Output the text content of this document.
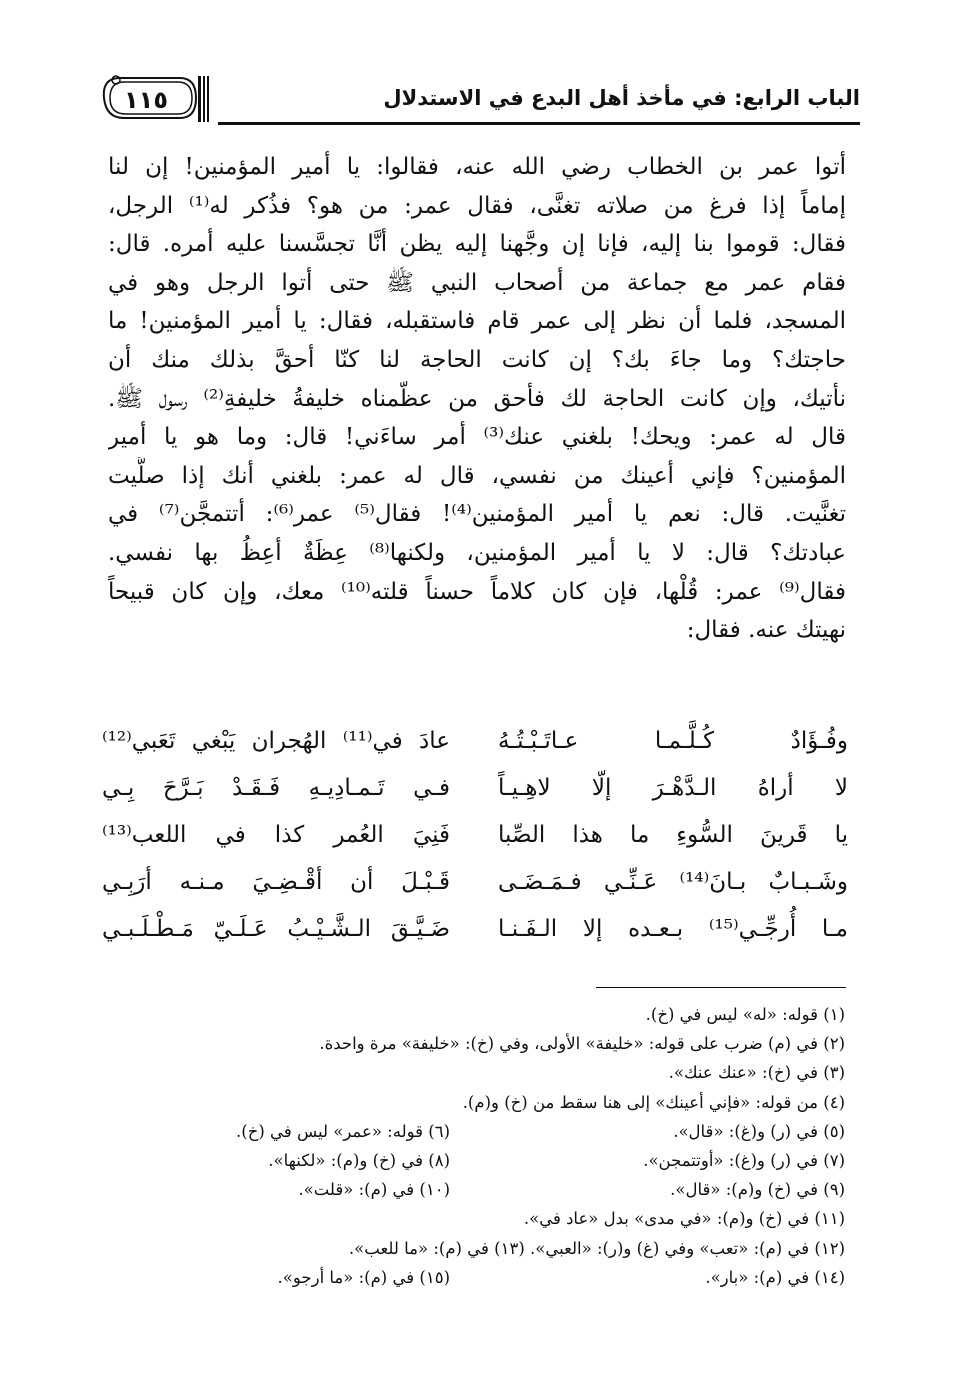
١١٥	الباب الرابع: في مأخذ أهل البدع في الاستدلال
أتوا عمر بن الخطاب رضي الله عنه، فقالوا: يا أمير المؤمنين! إن لنا
إماماً إذا فرغ من صلاته تغنَّى، فقال عمر: من هو؟ فذُكر له⁽¹⁾ الرجل،
فقال: قوموا بنا إليه، فإنا إن وجَّهنا إليه يظن أنَّا تجسَّسنا عليه أمره. قال:
فقام عمر مع جماعة من أصحاب النبي ﷺ حتى أتوا الرجل وهو في
المسجد، فلما أن نظر إلى عمر قام فاستقبله، فقال: يا أمير المؤمنين! ما
حاجتك؟ وما جاءَ بك؟ إن كانت الحاجة لنا كنّا أحقَّ بذلك منك أن
نأتيك، وإن كانت الحاجة لك فأحق من عظّمناه خليفةُ خليفةِ⁽²⁾ رسول ﷺ.
قال له عمر: ويحك! بلغني عنك⁽³⁾ أمر ساءَني! قال: وما هو يا أمير
المؤمنين؟ فإني أعينك من نفسي، قال له عمر: بلغني أنك إذا صلَّيت
تغنَّيت. قال: نعم يا أمير المؤمنين⁽⁴⁾! فقال⁽⁵⁾ عمر⁽⁶⁾: أتتمجَّن⁽⁷⁾ في
عبادتك؟ قال: لا يا أمير المؤمنين، ولكنها⁽⁸⁾ عِظَةٌ أعِظُ بها نفسي.
فقال⁽⁹⁾ عمر: قُلْها، فإن كان كلاماً حسناً قلته⁽¹⁰⁾ معك، وإن كان قبيحاً
نهيتك عنه. فقال:
وفُـؤَادٌ كُـلَّـمـا عـاتَـبْـتُـهُ
عادَ في⁽¹¹⁾ الهُجران يَبْغي تَعَبي⁽¹²⁾
لا أراهُ الـدَّهْـرَ إلّا لاهِـيـاً
فـي تَـمـادِيـهِ فَـقَـدْ بَـرَّحَ بِـي
يا قَرينَ السُّوءِ ما هذا الصِّبا
فَنِيَ العُمر كذا في اللعب⁽¹³⁾
وشَـبـابٌ بـانَ⁽¹⁴⁾ عَـنِّـي فـمَـضَـى
قَـبْـلَ أن أقْـضِـيَ مـنـه أرَبِـي
مـا أُرجِّـي⁽¹⁵⁾ بـعـده إلا الـفَـنـا
ضَـيَّـقَ الـشَّـيْـبُ عَـلَـيّ مَـطْـلَـبـي
(١) قوله: «له» ليس في (خ).
(٢) في (م) ضرب على قوله: «خليفة» الأولى، وفي (خ): «خليفة» مرة واحدة.
(٣) في (خ): «عنك عنك».
(٤) من قوله: «فإني أعينك» إلى هنا سقط من (خ) و(م).
(٥) في (ر) و(غ): «قال».
(٦) قوله: «عمر» ليس في (خ).
(٧) في (ر) و(غ): «أوتتمجن».
(٨) في (خ) و(م): «لكنها».
(٩) في (خ) و(م): «قال».
(١٠) في (م): «قلت».
(١١) في (خ) و(م): «في مدى» بدل «عاد في».
(١٢) في (م): «تعب» وفي (غ) و(ر): «العبي». (١٣) في (م): «ما للعب».
(١٤) في (م): «بار».
(١٥) في (م): «ما أرجو».
